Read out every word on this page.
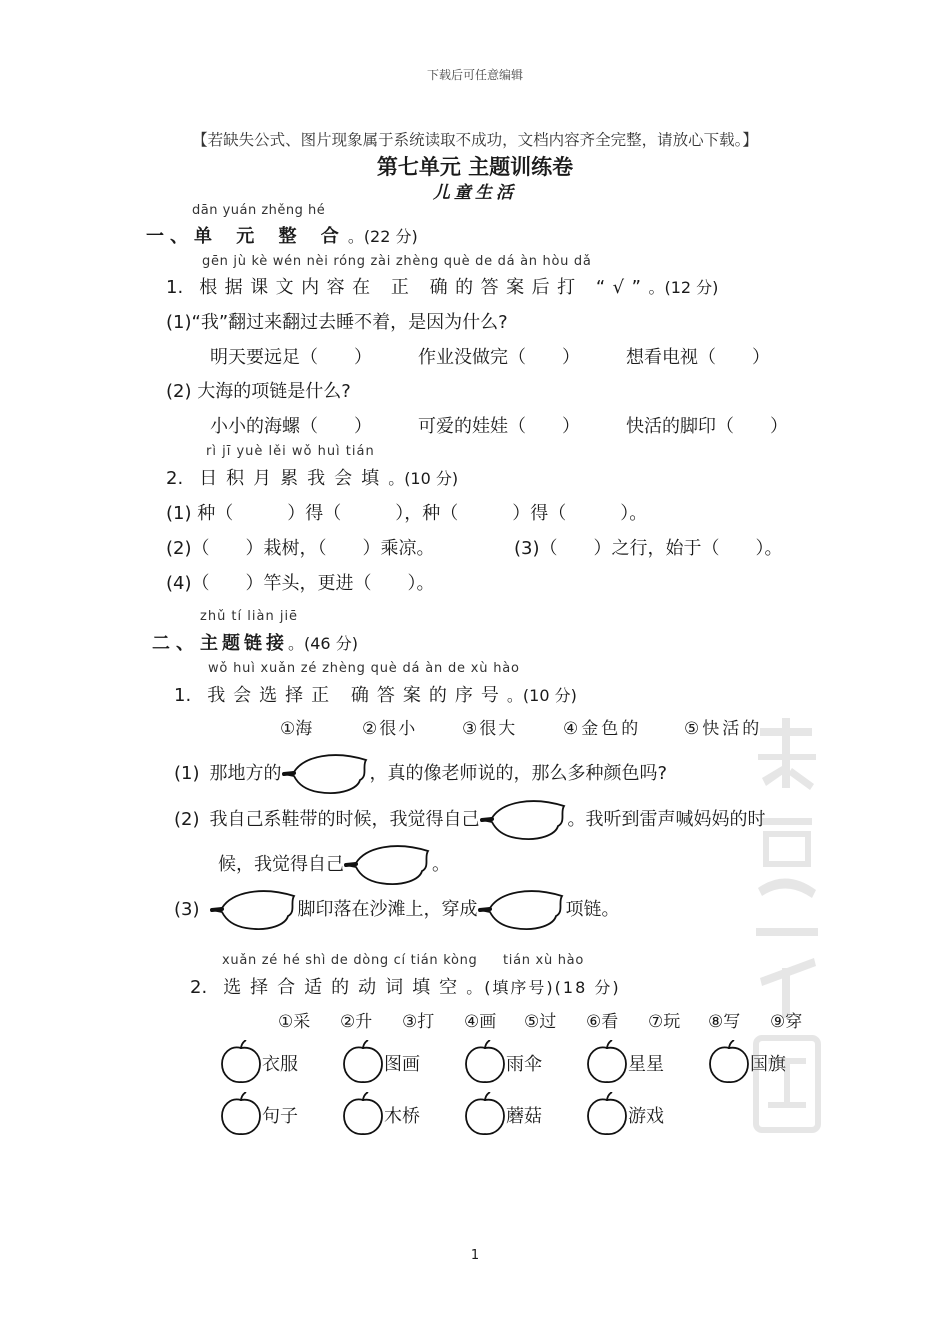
下载后可任意编辑
【若缺失公式、图片现象属于系统读取不成功，文档内容齐全完整，请放心下载。】
第七单元 主题训练卷
儿童生活
dān yuán zhěng hé
一、单 元 整 合。(22 分)
gēn jù kè wén nèi róng zài zhèng què de dá àn hòu dǎ
1. 根据课文内容在 正 确的答案后打 “√”。(12 分)
(1)“我”翻过来翻过去睡不着，是因为什么?
明天要远足（　　）	作业没做完（　　）	想看电视（　　）
(2) 大海的项链是什么?
小小的海螺（　　）	可爱的娃娃（　　）	快活的脚印（　　）
rì jī yuè lěi wǒ huì tián
2. 日积月累我会填。(10 分)
(1) 种（　　　）得（　　　），种（　　　）得（　　　）。
(2)（　　）栽树，（　　）乘凉。	(3)（　　）之行，始于（　　）。
(4)（　　）竿头，更进（　　）。
zhǔ tí liàn jiē
二、主题链接。(46 分)
wǒ huì xuǎn zé zhèng què dá àn de xù hào
1. 我会选择正 确答案的序号。(10 分)
①海	②很小	③很大	④金色的	⑤快活的
(1) 那地方的	，真的像老师说的，那么多种颜色吗?
(2) 我自己系鞋带的时候，我觉得自己	。我听到雷声喊妈妈的时
候，我觉得自己	。
(3)	脚印落在沙滩上，穿成	项链。
xuǎn zé hé shì de dòng cí tián kòng tián xù hào
2. 选择合适的动词填空。(填序号)(18 分)
①采 ②升 ③打 ④画 ⑤过 ⑥看 ⑦玩 ⑧写 ⑨穿
衣服	图画	雨伞	星星	国旗
句子	木桥	蘑菇	游戏
1
